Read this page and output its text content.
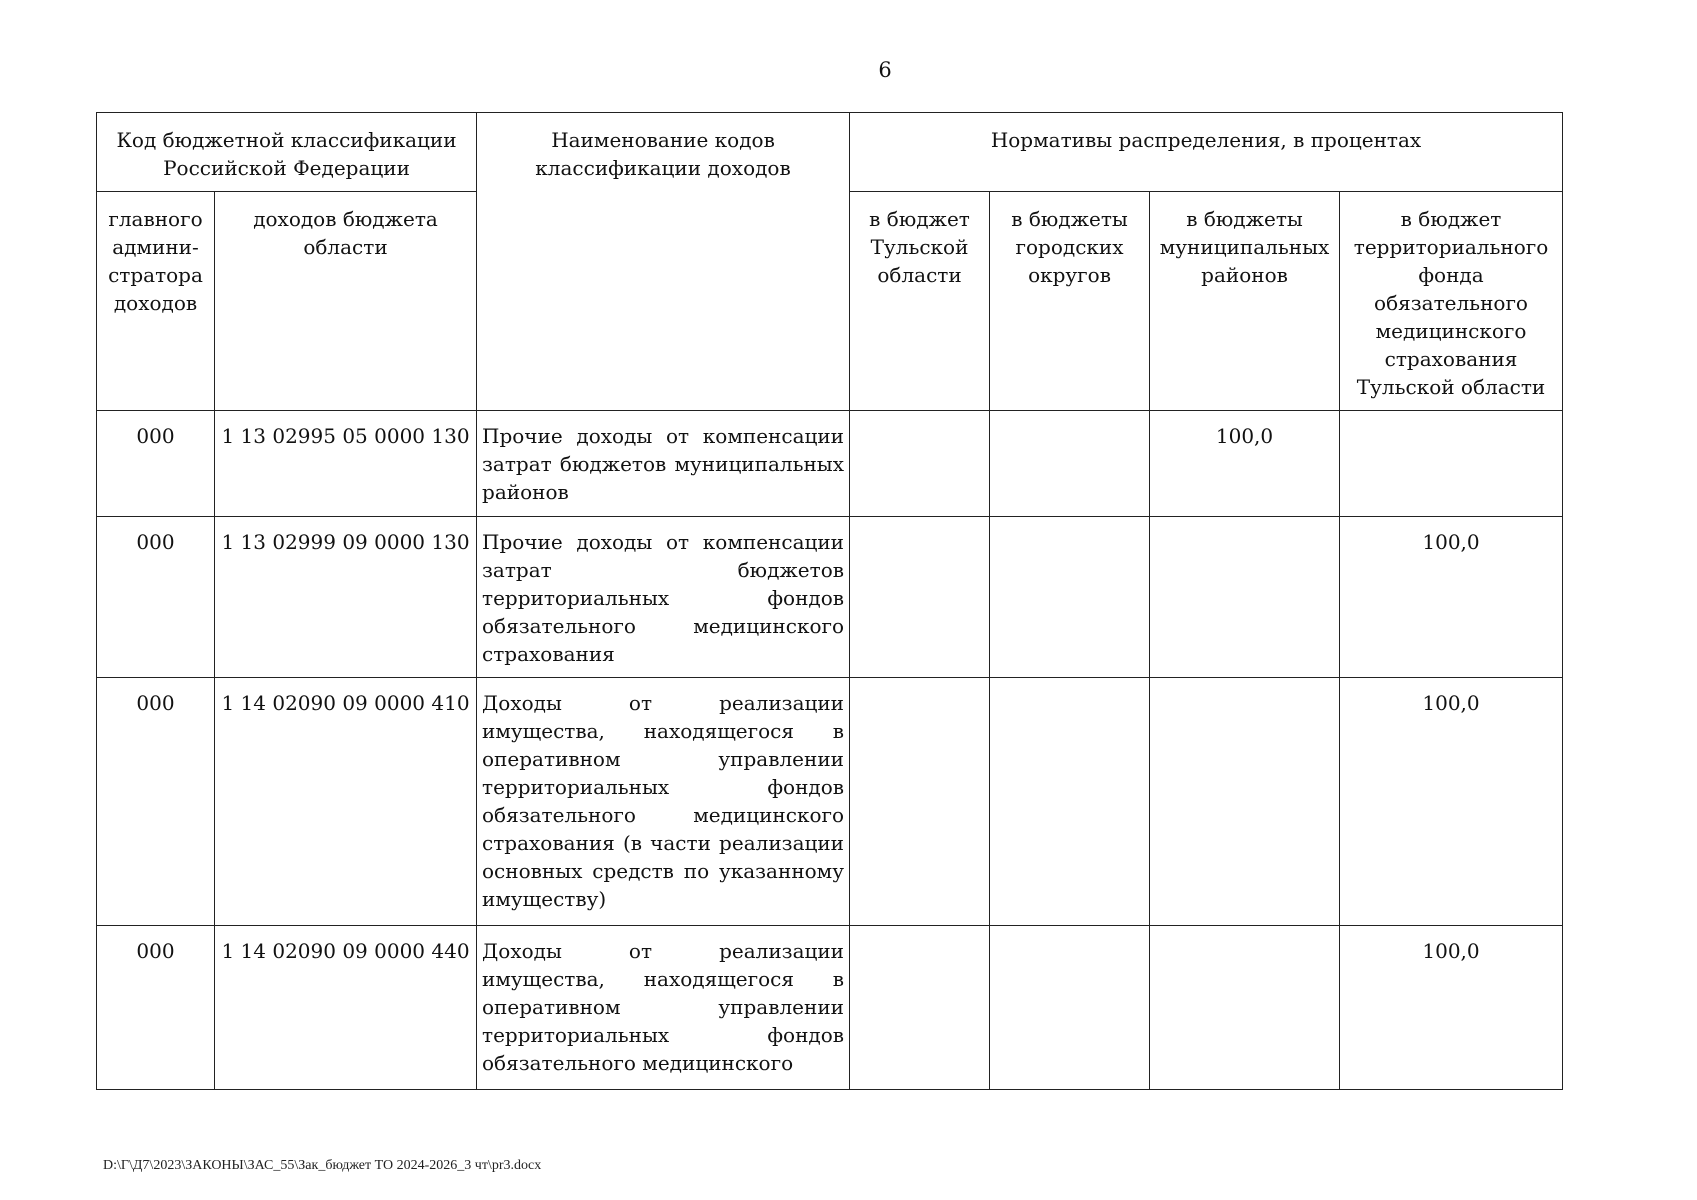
6
Код бюджетной классификации Российской Федерации		Наименование кодов классификации доходов	Нормативы распределения, в процентах			
главного админи-стратора доходов	доходов бюджета области		в бюджет Тульской области	в бюджеты городских округов	в бюджеты муниципальных районов	в бюджет территориального фонда обязательного медицинского страхования Тульской области
000	1 13 02995 05 0000 130	Прочие доходы от компенсации затрат бюджетов муниципальных районов			100,0	
000	1 13 02999 09 0000 130	Прочие доходы от компенсации затрат бюджетов территориальных фондов обязательного медицинского страхования				100,0
000	1 14 02090 09 0000 410	Доходы от реализации имущества, находящегося в оперативном управлении территориальных фондов обязательного медицинского страхования (в части реализации основных средств по указанному имуществу)				100,0
000	1 14 02090 09 0000 440	Доходы от реализации имущества, находящегося в оперативном управлении территориальных фондов обязательного медицинского				100,0
D:\Г\Д7\2023\ЗАКОНЫ\ЗАС_55\Зак_бюджет ТО 2024-2026_3 чт\pr3.docx
